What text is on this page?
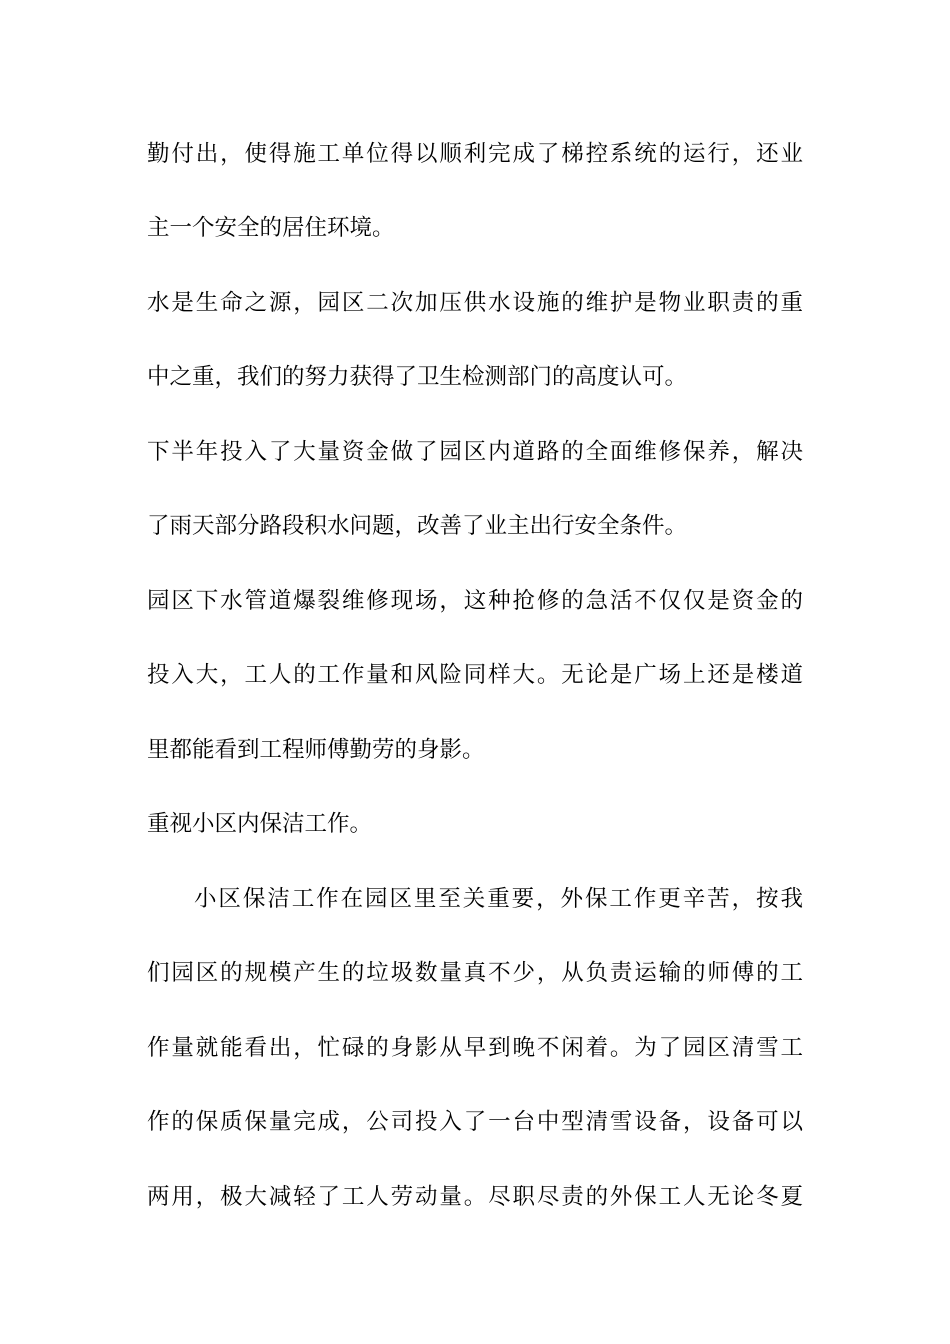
勤付出，使得施工单位得以顺利完成了梯控系统的运行，还业
主一个安全的居住环境。
水是生命之源，园区二次加压供水设施的维护是物业职责的重
中之重，我们的努力获得了卫生检测部门的高度认可。
下半年投入了大量资金做了园区内道路的全面维修保养，解决
了雨天部分路段积水问题，改善了业主出行安全条件。
园区下水管道爆裂维修现场，这种抢修的急活不仅仅是资金的
投入大，工人的工作量和风险同样大。无论是广场上还是楼道
里都能看到工程师傅勤劳的身影。
重视小区内保洁工作。
小区保洁工作在园区里至关重要，外保工作更辛苦，按我
们园区的规模产生的垃圾数量真不少，从负责运输的师傅的工
作量就能看出，忙碌的身影从早到晚不闲着。为了园区清雪工
作的保质保量完成，公司投入了一台中型清雪设备，设备可以
两用，极大减轻了工人劳动量。尽职尽责的外保工人无论冬夏
